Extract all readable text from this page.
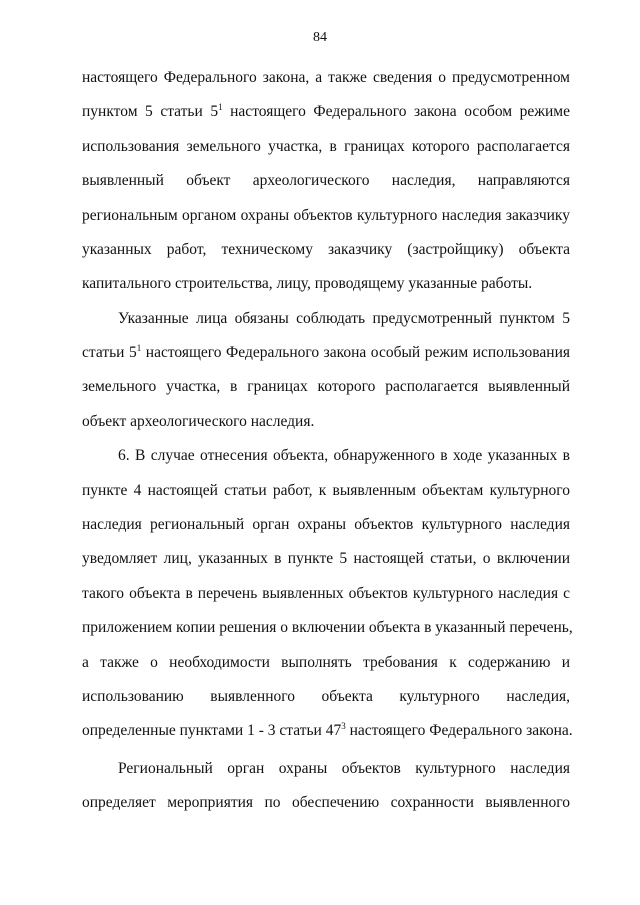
84
настоящего Федерального закона, а также сведения о предусмотренном
пунктом 5 статьи $5^1$ настоящего Федерального закона особом режиме
использования земельного участка, в границах которого располагается
выявленный объект археологического наследия, направляются
региональным органом охраны объектов культурного наследия заказчику
указанных работ, техническому заказчику (застройщику) объекта
капитального строительства, лицу, проводящему указанные работы.
Указанные лица обязаны соблюдать предусмотренный пунктом 5
статьи $5^1$ настоящего Федерального закона особый режим использования
земельного участка, в границах которого располагается выявленный
объект археологического наследия.
6. В случае отнесения объекта, обнаруженного в ходе указанных в
пункте 4 настоящей статьи работ, к выявленным объектам культурного
наследия региональный орган охраны объектов культурного наследия
уведомляет лиц, указанных в пункте 5 настоящей статьи, о включении
такого объекта в перечень выявленных объектов культурного наследия с
приложением копии решения о включении объекта в указанный перечень,
а также о необходимости выполнять требования к содержанию и
использованию выявленного объекта культурного наследия,
определенные пунктами 1 - 3 статьи $47^3$ настоящего Федерального закона.
Региональный орган охраны объектов культурного наследия
определяет мероприятия по обеспечению сохранности выявленного
